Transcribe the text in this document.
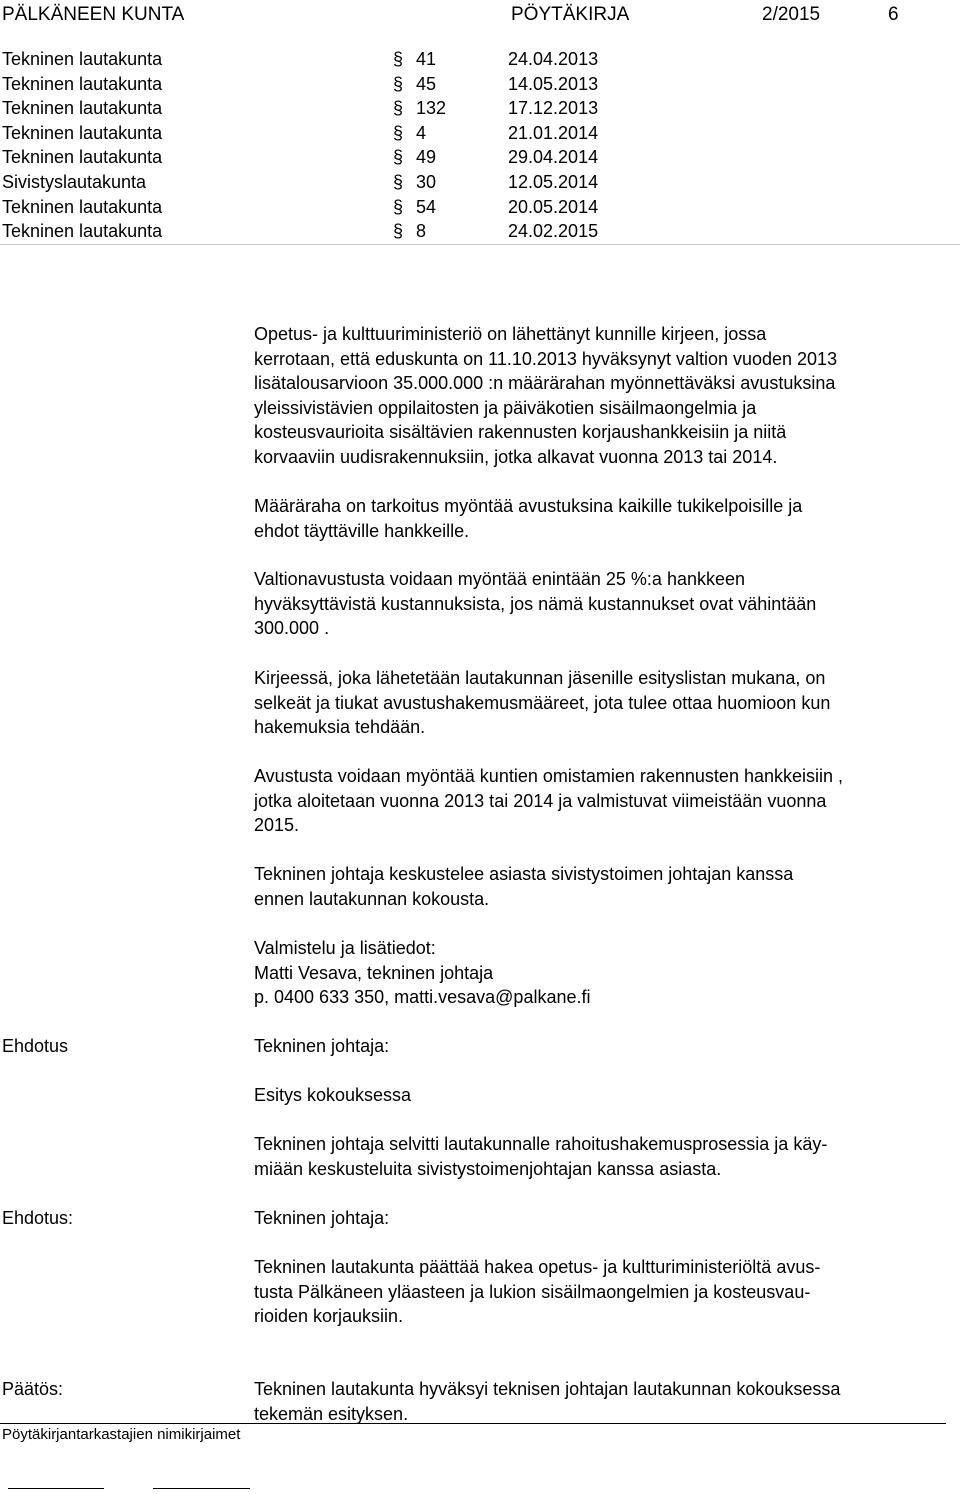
PÄLKÄNEEN KUNTA	PÖYTÄKIRJA	2/2015	6
Tekninen lautakunta	§ 41	24.04.2013
Tekninen lautakunta	§ 45	14.05.2013
Tekninen lautakunta	§ 132	17.12.2013
Tekninen lautakunta	§ 4	21.01.2014
Tekninen lautakunta	§ 49	29.04.2014
Sivistyslautakunta	§ 30	12.05.2014
Tekninen lautakunta	§ 54	20.05.2014
Tekninen lautakunta	§ 8	24.02.2015

Opetus- ja kulttuuriministeriö on lähettänyt kunnille kirjeen, jossa

kerrotaan, että eduskunta on 11.10.2013 hyväksynyt valtion vuoden 2013

lisätalousarvioon 35.000.000 :n määrärahan myönnettäväksi avustuksina

yleissivistävien oppilaitosten ja päiväkotien sisäilmaongelmia ja

kosteusvaurioita sisältävien rakennusten korjaushankkeisiin ja niitä

korvaaviin uudisrakennuksiin, jotka alkavat vuonna 2013 tai 2014.

Määräraha on tarkoitus myöntää avustuksina kaikille tukikelpoisille ja

ehdot täyttäville hankkeille.

Valtionavustusta voidaan myöntää enintään 25 %:a hankkeen

hyväksyttävistä kustannuksista, jos nämä kustannukset ovat vähintään

300.000 .

Kirjeessä, joka lähetetään lautakunnan jäsenille esityslistan mukana, on

selkeät ja tiukat avustushakemusmääreet, jota tulee ottaa huomioon kun

hakemuksia tehdään.

Avustusta voidaan myöntää kuntien omistamien rakennusten hankkeisiin ,

jotka aloitetaan vuonna 2013 tai 2014 ja valmistuvat viimeistään vuonna

2015.

Tekninen johtaja keskustelee asiasta sivistystoimen johtajan kanssa

ennen lautakunnan kokousta.

Valmistelu ja lisätiedot:

Matti Vesava, tekninen johtaja

p. 0400 633 350, matti.vesava@palkane.fi

Ehdotus	Tekninen johtaja:

Esitys kokouksessa

Tekninen johtaja selvitti lautakunnalle rahoitushakemusprosessia ja käy-

miään keskusteluita sivistystoimenjohtajan kanssa asiasta.

Ehdotus:	Tekninen johtaja:

Tekninen lautakunta päättää hakea opetus- ja kultturiministeriöltä avus-

tusta Pälkäneen yläasteen ja lukion sisäilmaongelmien ja kosteusvau-

rioiden korjauksiin.

Päätös:	Tekninen lautakunta hyväksyi teknisen johtajan lautakunnan kokouksessa

tekemän esityksen.

Pöytäkirjantarkastajien nimikirjaimet
